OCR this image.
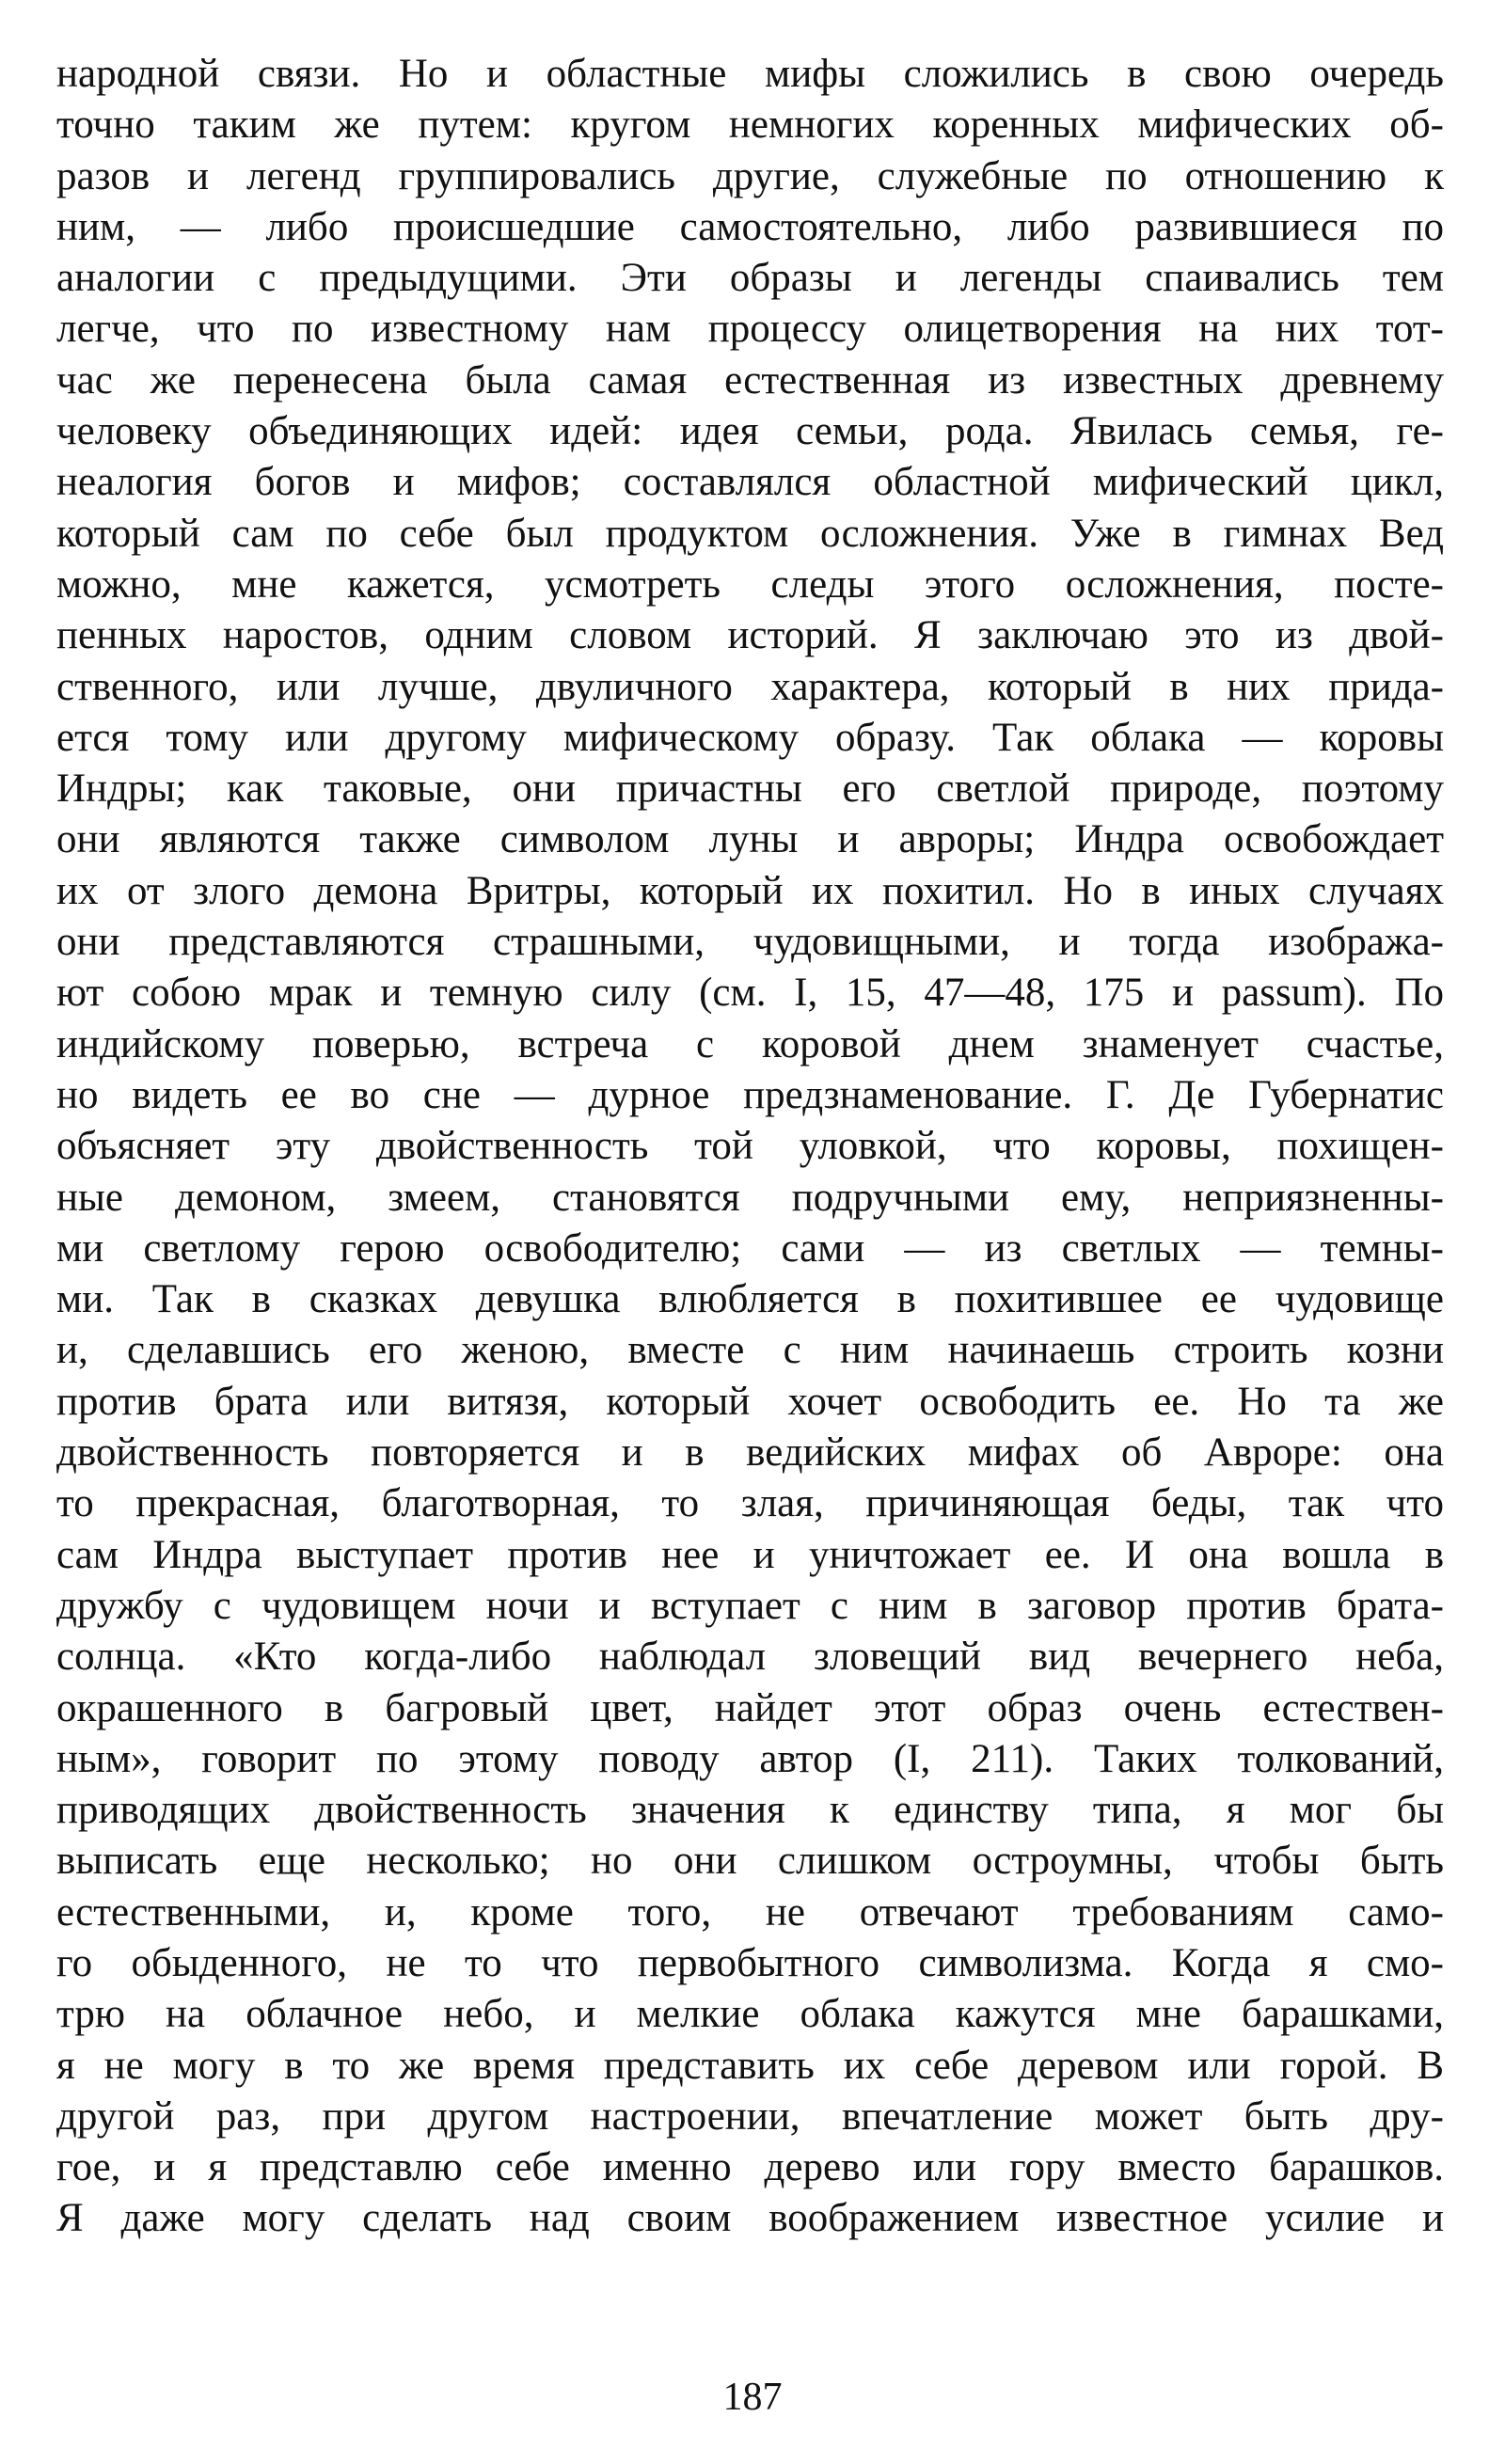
народной связи. Но и областные мифы сложились в свою очередь
точно таким же путем: кругом немногих коренных мифических об-
разов и легенд группировались другие, служебные по отношению к
ним, — либо происшедшие самостоятельно, либо развившиеся по
аналогии с предыдущими. Эти образы и легенды спаивались тем
легче, что по известному нам процессу олицетворения на них тот-
час же перенесена была самая естественная из известных древнему
человеку объединяющих идей: идея семьи, рода. Явилась семья, ге-
неалогия богов и мифов; составлялся областной мифический цикл,
который сам по себе был продуктом осложнения. Уже в гимнах Вед
можно, мне кажется, усмотреть следы этого осложнения, посте-
пенных наростов, одним словом историй. Я заключаю это из двой-
ственного, или лучше, двуличного характера, который в них прида-
ется тому или другому мифическому образу. Так облака — коровы
Индры; как таковые, они причастны его светлой природе, поэтому
они являются также символом луны и авроры; Индра освобождает
их от злого демона Вритры, который их похитил. Но в иных случаях
они представляются страшными, чудовищными, и тогда изобража-
ют собою мрак и темную силу (см. I, 15, 47—48, 175 и passum). По
индийскому поверью, встреча с коровой днем знаменует счастье,
но видеть ее во сне — дурное предзнаменование. Г. Де Губернатис
объясняет эту двойственность той уловкой, что коровы, похищен-
ные демоном, змеем, становятся подручными ему, неприязненны-
ми светлому герою освободителю; сами — из светлых — темны-
ми. Так в сказках девушка влюбляется в похитившее ее чудовище
и, сделавшись его женою, вместе с ним начинаешь строить козни
против брата или витязя, который хочет освободить ее. Но та же
двойственность повторяется и в ведийских мифах об Авроре: она
то прекрасная, благотворная, то злая, причиняющая беды, так что
сам Индра выступает против нее и уничтожает ее. И она вошла в
дружбу с чудовищем ночи и вступает с ним в заговор против брата-
солнца. «Кто когда-либо наблюдал зловещий вид вечернего неба,
окрашенного в багровый цвет, найдет этот образ очень естествен-
ным», говорит по этому поводу автор (I, 211). Таких толкований,
приводящих двойственность значения к единству типа, я мог бы
выписать еще несколько; но они слишком остроумны, чтобы быть
естественными, и, кроме того, не отвечают требованиям само-
го обыденного, не то что первобытного символизма. Когда я смо-
трю на облачное небо, и мелкие облака кажутся мне барашками,
я не могу в то же время представить их себе деревом или горой. В
другой раз, при другом настроении, впечатление может быть дру-
гое, и я представлю себе именно дерево или гору вместо барашков.
Я даже могу сделать над своим воображением известное усилие и
187
